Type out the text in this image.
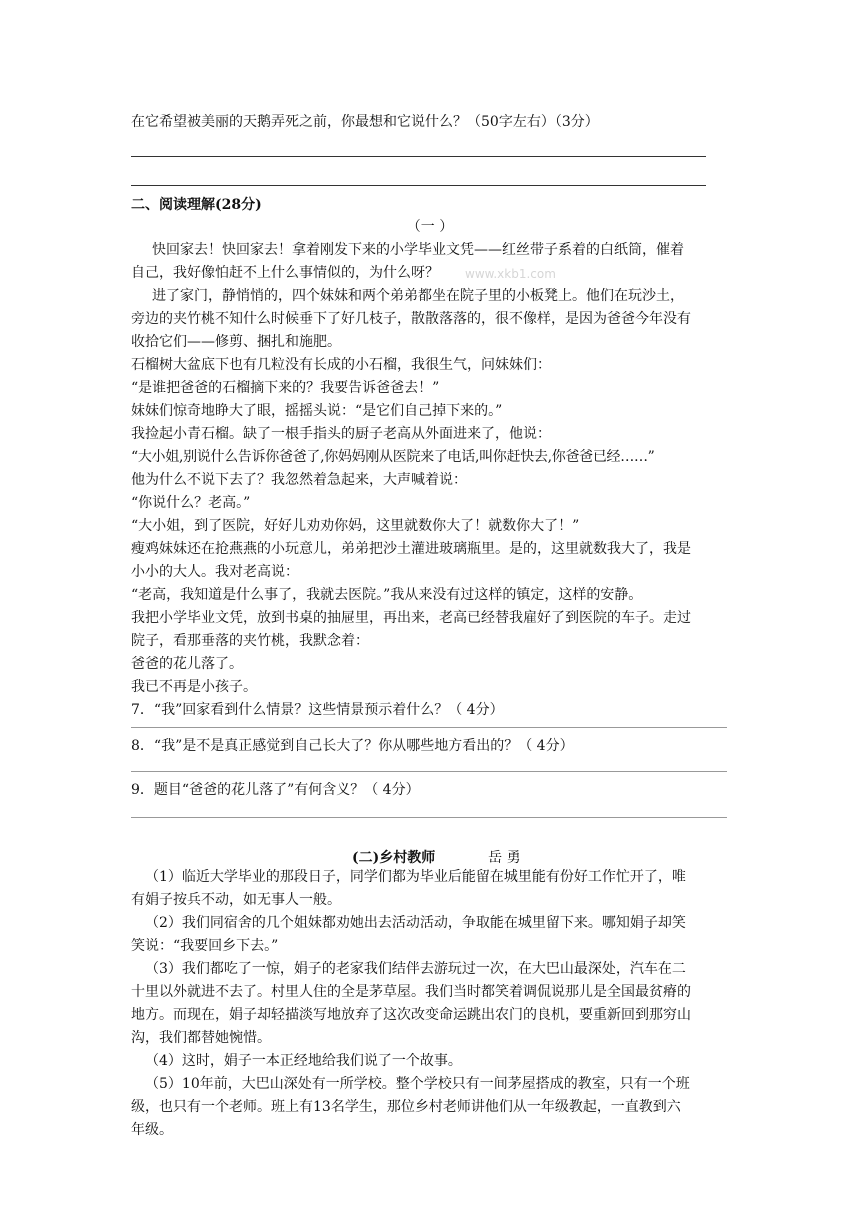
在它希望被美丽的天鹅弄死之前，你最想和它说什么？（50字左右）（3分）
二、阅读理解(28分)
（一 ）
快回家去！快回家去！拿着刚发下来的小学毕业文凭——红丝带子系着的白纸筒，催着
自己，我好像怕赶不上什么事情似的，为什么呀？ www.xkb1.com
进了家门，静悄悄的，四个妹妹和两个弟弟都坐在院子里的小板凳上。他们在玩沙土，
旁边的夹竹桃不知什么时候垂下了好几枝子，散散落落的，很不像样，是因为爸爸今年没有
收拾它们——修剪、捆扎和施肥。
石榴树大盆底下也有几粒没有长成的小石榴，我很生气，问妹妹们：
“是谁把爸爸的石榴摘下来的？我要告诉爸爸去！”
妹妹们惊奇地睁大了眼，摇摇头说：“是它们自己掉下来的。”
我捡起小青石榴。缺了一根手指头的厨子老高从外面进来了，他说：
“大小姐,别说什么告诉你爸爸了,你妈妈刚从医院来了电话,叫你赶快去,你爸爸已经……”
他为什么不说下去了？我忽然着急起来，大声喊着说：
“你说什么？老高。”
“大小姐，到了医院，好好儿劝劝你妈，这里就数你大了！就数你大了！”
瘦鸡妹妹还在抢燕燕的小玩意儿，弟弟把沙土灌进玻璃瓶里。是的，这里就数我大了，我是
小小的大人。我对老高说：
“老高，我知道是什么事了，我就去医院。”我从来没有过这样的镇定，这样的安静。
我把小学毕业文凭，放到书桌的抽屉里，再出来，老高已经替我雇好了到医院的车子。走过
院子，看那垂落的夹竹桃，我默念着：
爸爸的花儿落了。
我已不再是小孩子。
7．“我”回家看到什么情景？这些情景预示着什么？（ 4分）
8．“我”是不是真正感觉到自己长大了？你从哪些地方看出的？（ 4分）
9．题目“爸爸的花儿落了”有何含义？（ 4分）
(二)乡村教师	岳 勇
（1）临近大学毕业的那段日子，同学们都为毕业后能留在城里能有份好工作忙开了，唯
有娟子按兵不动，如无事人一般。
（2）我们同宿舍的几个姐妹都劝她出去活动活动，争取能在城里留下来。哪知娟子却笑
笑说：“我要回乡下去。”
（3）我们都吃了一惊，娟子的老家我们结伴去游玩过一次，在大巴山最深处，汽车在二
十里以外就进不去了。村里人住的全是茅草屋。我们当时都笑着调侃说那儿是全国最贫瘠的
地方。而现在，娟子却轻描淡写地放弃了这次改变命运跳出农门的良机，要重新回到那穷山
沟，我们都替她惋惜。
（4）这时，娟子一本正经地给我们说了一个故事。
（5）10年前，大巴山深处有一所学校。整个学校只有一间茅屋搭成的教室，只有一个班
级，也只有一个老师。班上有13名学生，那位乡村老师讲他们从一年级教起，一直教到六
年级。
